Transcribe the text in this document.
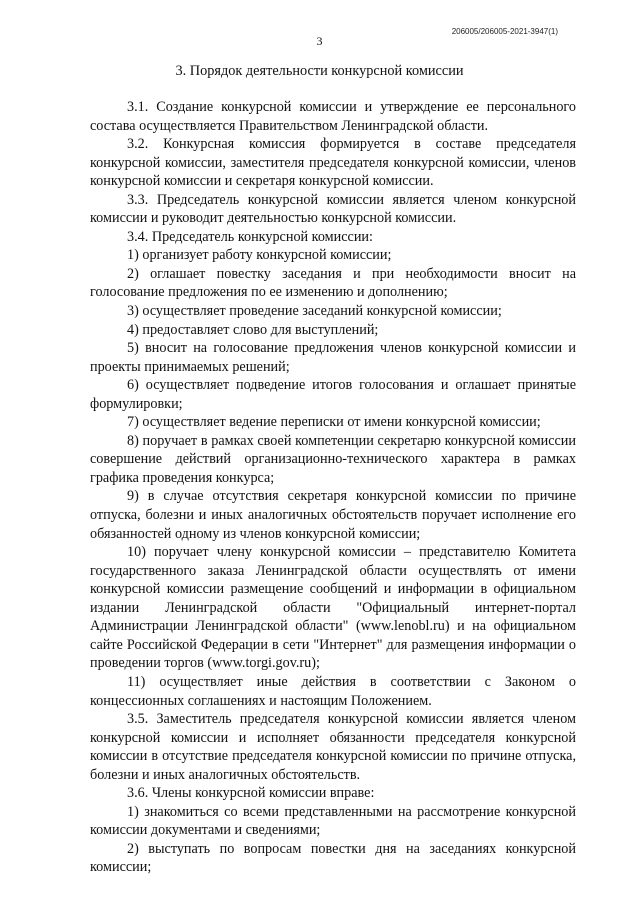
206005/206005-2021-3947(1)
3
3. Порядок деятельности конкурсной комиссии

3.1. Создание конкурсной комиссии и утверждение ее персонального состава осуществляется Правительством Ленинградской области.

3.2. Конкурсная комиссия формируется в составе председателя конкурсной комиссии, заместителя председателя конкурсной комиссии, членов конкурсной комиссии и секретаря конкурсной комиссии.

3.3. Председатель конкурсной комиссии является членом конкурсной комиссии и руководит деятельностью конкурсной комиссии.

3.4. Председатель конкурсной комиссии:

1) организует работу конкурсной комиссии;

2) оглашает повестку заседания и при необходимости вносит на голосование предложения по ее изменению и дополнению;

3) осуществляет проведение заседаний конкурсной комиссии;

4) предоставляет слово для выступлений;

5) вносит на голосование предложения членов конкурсной комиссии и проекты принимаемых решений;

6) осуществляет подведение итогов голосования и оглашает принятые формулировки;

7) осуществляет ведение переписки от имени конкурсной комиссии;

8) поручает в рамках своей компетенции секретарю конкурсной комиссии совершение действий организационно-технического характера в рамках графика проведения конкурса;

9) в случае отсутствия секретаря конкурсной комиссии по причине отпуска, болезни и иных аналогичных обстоятельств поручает исполнение его обязанностей одному из членов конкурсной комиссии;

10) поручает члену конкурсной комиссии – представителю Комитета государственного заказа Ленинградской области осуществлять от имени конкурсной комиссии размещение сообщений и информации в официальном издании Ленинградской области "Официальный интернет-портал Администрации Ленинградской области" (www.lenobl.ru) и на официальном сайте Российской Федерации в сети "Интернет" для размещения информации о проведении торгов (www.torgi.gov.ru);

11) осуществляет иные действия в соответствии с Законом о концессионных соглашениях и настоящим Положением.

3.5. Заместитель председателя конкурсной комиссии является членом конкурсной комиссии и исполняет обязанности председателя конкурсной комиссии в отсутствие председателя конкурсной комиссии по причине отпуска, болезни и иных аналогичных обстоятельств.

3.6. Члены конкурсной комиссии вправе:

1) знакомиться со всеми представленными на рассмотрение конкурсной комиссии документами и сведениями;

2) выступать по вопросам повестки дня на заседаниях конкурсной комиссии;
